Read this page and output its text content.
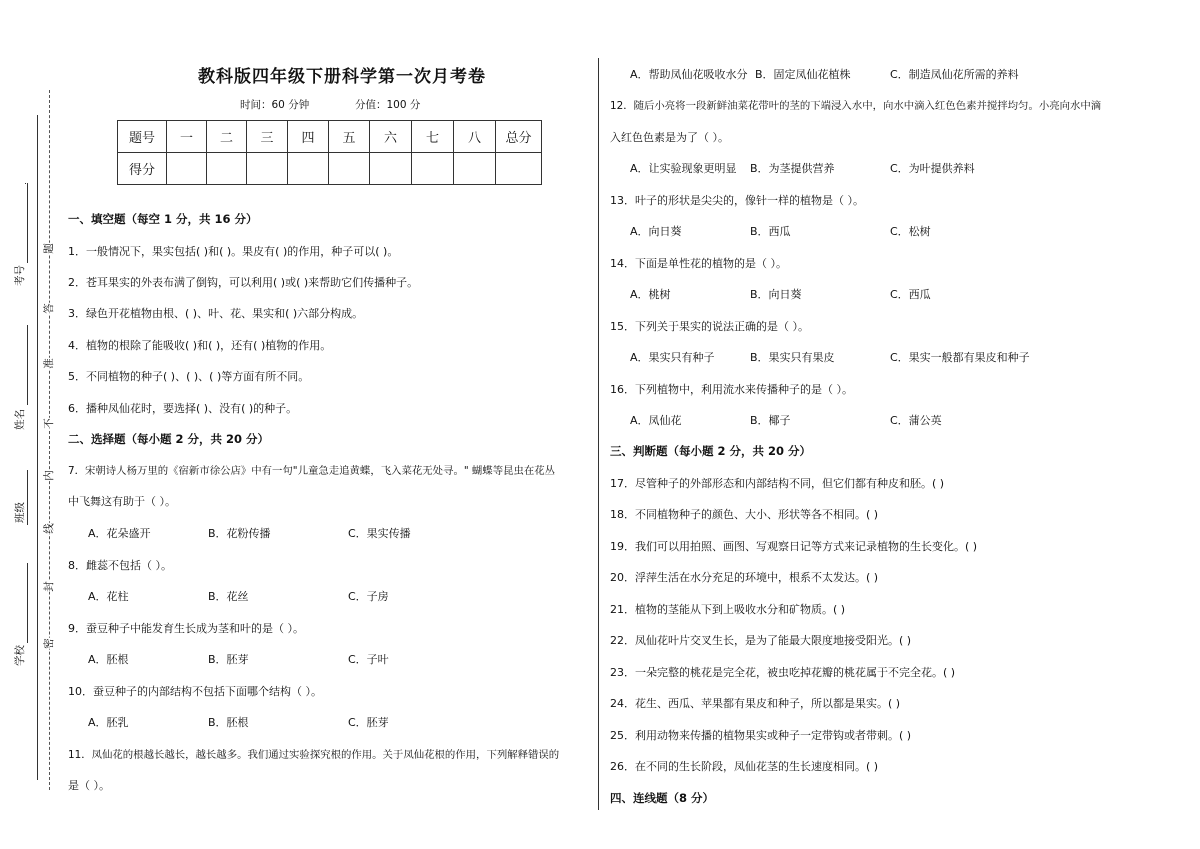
考号
姓名
班级
学校
题
答
准
不
内
线
封
密
教科版四年级下册科学第一次月考卷
时间：60 分钟	分值：100 分
题号	一	二	三	四	五	六	七	八	总分
得分									
一、填空题（每空 1 分，共 16 分）
1．一般情况下，果实包括( )和( )。果皮有( )的作用，种子可以( )。
2．苍耳果实的外表布满了倒钩，可以利用( )或( )来帮助它们传播种子。
3．绿色开花植物由根、( )、叶、花、果实和( )六部分构成。
4．植物的根除了能吸收( )和( )，还有( )植物的作用。
5．不同植物的种子( )、( )、( )等方面有所不同。
6．播种凤仙花时，要选择( )、没有( )的种子。
二、选择题（每小题 2 分，共 20 分）
7．宋朝诗人杨万里的《宿新市徐公店》中有一句"儿童急走追黄蝶，飞入菜花无处寻。" 蝴蝶等昆虫在花丛
中飞舞这有助于（ ）。
A．花朵盛开	B．花粉传播	C．果实传播
8．雌蕊不包括（ ）。
A．花柱	B．花丝	C．子房
9．蚕豆种子中能发育生长成为茎和叶的是（ ）。
A．胚根	B．胚芽	C．子叶
10．蚕豆种子的内部结构不包括下面哪个结构（ ）。
A．胚乳	B．胚根	C．胚芽
11．凤仙花的根越长越长，越长越多。我们通过实验探究根的作用。关于凤仙花根的作用，下列解释错误的
是（ ）。
A．帮助凤仙花吸收水分 B．固定凤仙花植株	C．制造凤仙花所需的养料
12．随后小亮将一段新鲜油菜花带叶的茎的下端浸入水中，向水中滴入红色色素并搅拌均匀。小亮向水中滴
入红色色素是为了（ ）。
A．让实验现象更明显 B．为茎提供营养	C．为叶提供养料
13．叶子的形状是尖尖的，像针一样的植物是（ ）。
A．向日葵	B．西瓜	C．松树
14．下面是单性花的植物的是（ ）。
A．桃树	B．向日葵	C．西瓜
15．下列关于果实的说法正确的是（ ）。
A．果实只有种子	B．果实只有果皮	C．果实一般都有果皮和种子
16．下列植物中，利用流水来传播种子的是（ ）。
A．凤仙花	B．椰子	C．蒲公英
三、判断题（每小题 2 分，共 20 分）
17．尽管种子的外部形态和内部结构不同，但它们都有种皮和胚。( )
18．不同植物种子的颜色、大小、形状等各不相同。( )
19．我们可以用拍照、画图、写观察日记等方式来记录植物的生长变化。( )
20．浮萍生活在水分充足的环境中，根系不太发达。( )
21．植物的茎能从下到上吸收水分和矿物质。( )
22．凤仙花叶片交叉生长，是为了能最大限度地接受阳光。( )
23．一朵完整的桃花是完全花，被虫吃掉花瓣的桃花属于不完全花。( )
24．花生、西瓜、苹果都有果皮和种子，所以都是果实。( )
25．利用动物来传播的植物果实或种子一定带钩或者带刺。( )
26．在不同的生长阶段，凤仙花茎的生长速度相同。( )
四、连线题（8 分）
